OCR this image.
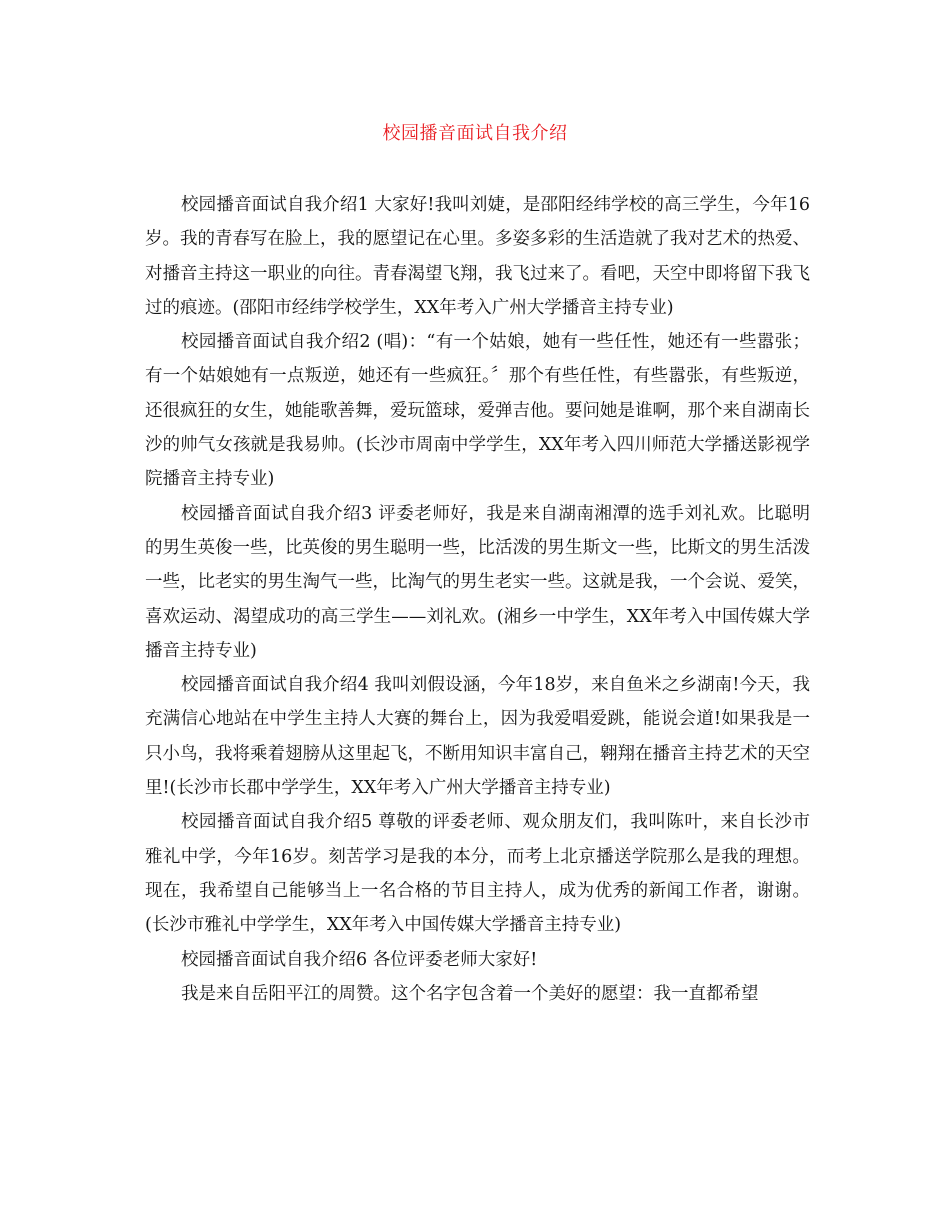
校园播音面试自我介绍

校园播音面试自我介绍1 大家好!我叫刘婕，是邵阳经纬学校的高三学生，今年16岁。我的青春写在脸上，我的愿望记在心里。多姿多彩的生活造就了我对艺术的热爱、对播音主持这一职业的向往。青春渴望飞翔，我飞过来了。看吧，天空中即将留下我飞过的痕迹。(邵阳市经纬学校学生，XX年考入广州大学播音主持专业)

校园播音面试自我介绍2 (唱)：“有一个姑娘，她有一些任性，她还有一些嚣张；有一个姑娘她有一点叛逆，她还有一些疯狂。〞那个有些任性，有些嚣张，有些叛逆，还很疯狂的女生，她能歌善舞，爱玩篮球，爱弹吉他。要问她是谁啊，那个来自湖南长沙的帅气女孩就是我易帅。(长沙市周南中学学生，XX年考入四川师范大学播送影视学院播音主持专业)

校园播音面试自我介绍3 评委老师好，我是来自湖南湘潭的选手刘礼欢。比聪明的男生英俊一些，比英俊的男生聪明一些，比活泼的男生斯文一些，比斯文的男生活泼一些，比老实的男生淘气一些，比淘气的男生老实一些。这就是我，一个会说、爱笑，喜欢运动、渴望成功的高三学生——刘礼欢。(湘乡一中学生，XX年考入中国传媒大学播音主持专业)

校园播音面试自我介绍4 我叫刘假设涵，今年18岁，来自鱼米之乡湖南!今天，我充满信心地站在中学生主持人大赛的舞台上，因为我爱唱爱跳，能说会道!如果我是一只小鸟，我将乘着翅膀从这里起飞，不断用知识丰富自己，翱翔在播音主持艺术的天空里!(长沙市长郡中学学生，XX年考入广州大学播音主持专业)

校园播音面试自我介绍5 尊敬的评委老师、观众朋友们，我叫陈叶，来自长沙市雅礼中学，今年16岁。刻苦学习是我的本分，而考上北京播送学院那么是我的理想。现在，我希望自己能够当上一名合格的节目主持人，成为优秀的新闻工作者，谢谢。(长沙市雅礼中学学生，XX年考入中国传媒大学播音主持专业)

校园播音面试自我介绍6 各位评委老师大家好!

我是来自岳阳平江的周赞。这个名字包含着一个美好的愿望：我一直都希望
